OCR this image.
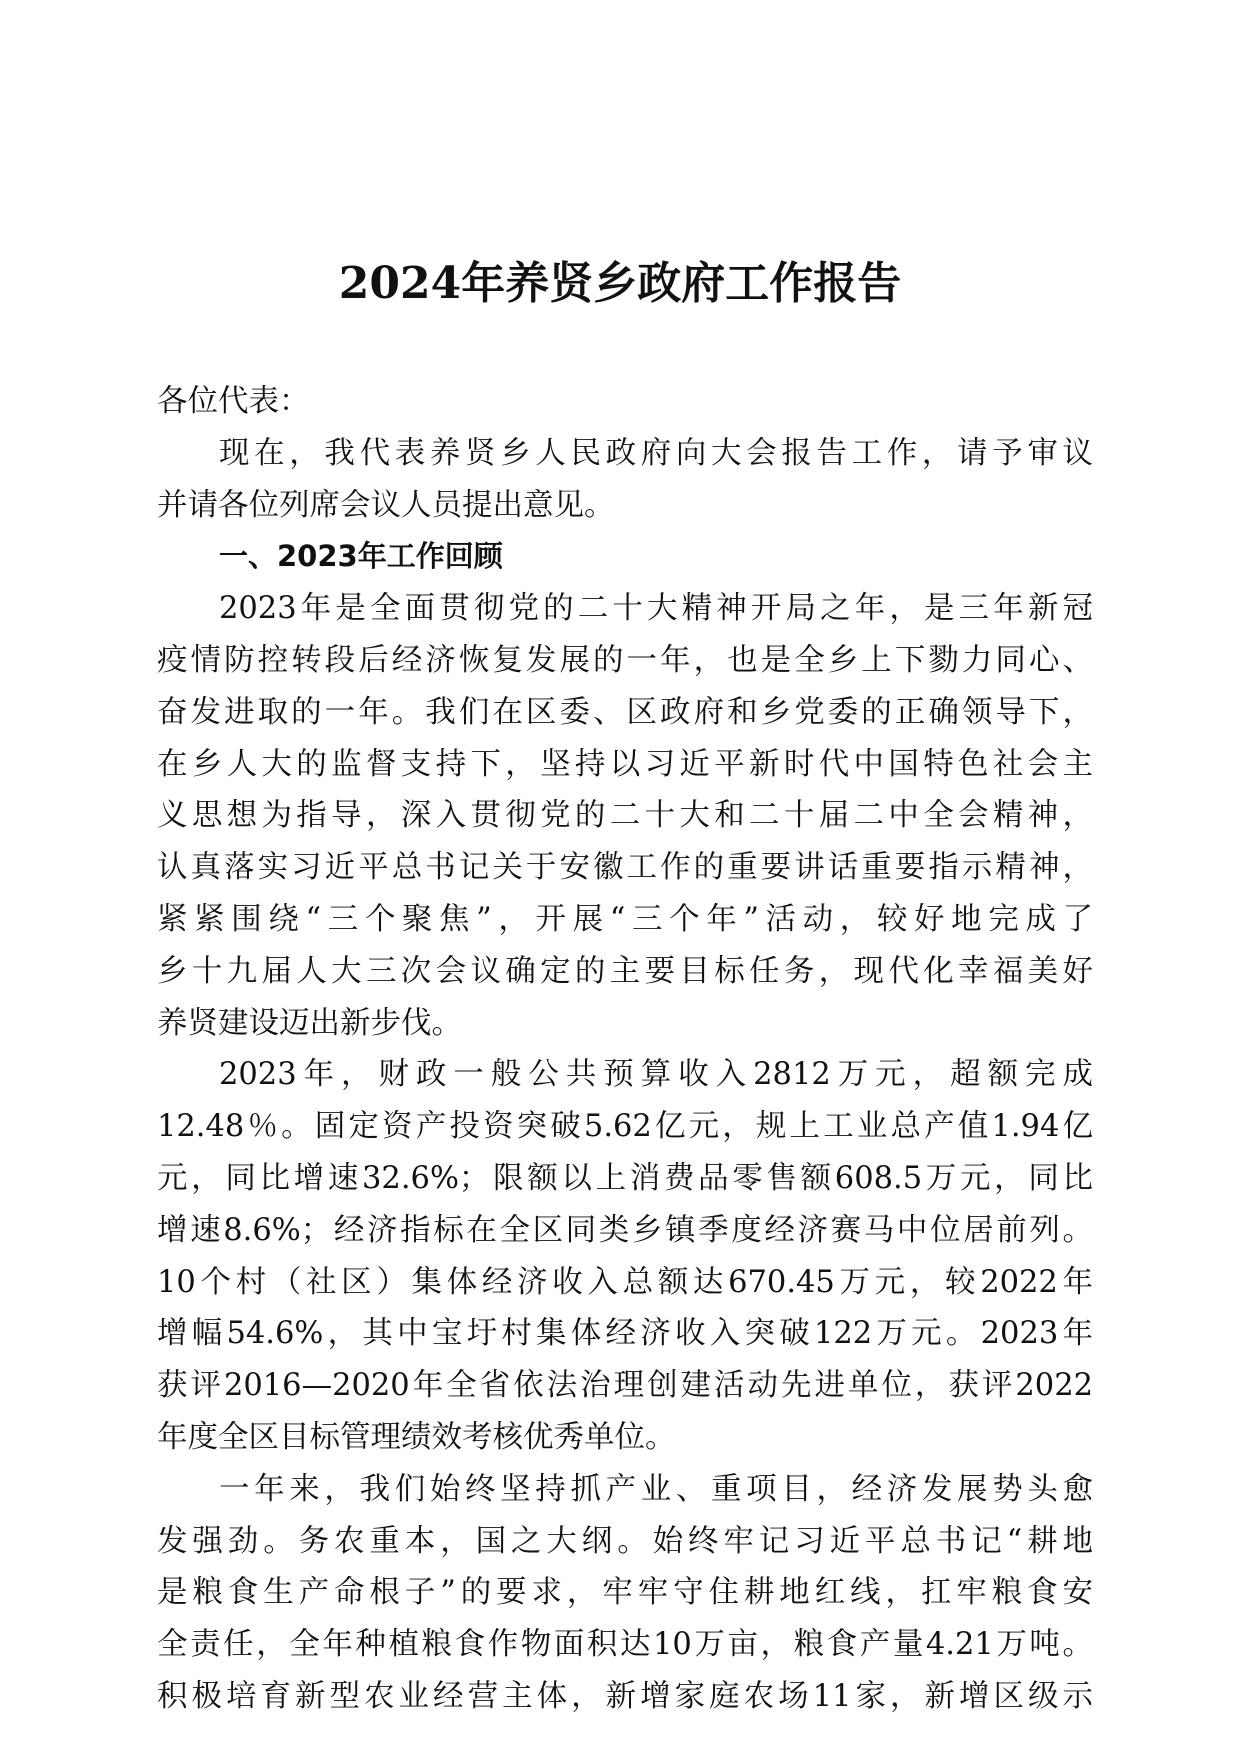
2024年养贤乡政府工作报告

各位代表：

现在，我代表养贤乡人民政府向大会报告工作，请予审议

并请各位列席会议人员提出意见。

一、2023年工作回顾

2023年是全面贯彻党的二十大精神开局之年，是三年新冠

疫情防控转段后经济恢复发展的一年，也是全乡上下勠力同心、

奋发进取的一年。我们在区委、区政府和乡党委的正确领导下，

在乡人大的监督支持下，坚持以习近平新时代中国特色社会主

义思想为指导，深入贯彻党的二十大和二十届二中全会精神，

认真落实习近平总书记关于安徽工作的重要讲话重要指示精神，

紧紧围绕“三个聚焦”，开展“三个年”活动，较好地完成了

乡十九届人大三次会议确定的主要目标任务，现代化幸福美好

养贤建设迈出新步伐。

2023年，财政一般公共预算收入2812万元，超额完成

12.48％。固定资产投资突破5.62亿元，规上工业总产值1.94亿

元，同比增速32.6%；限额以上消费品零售额608.5万元，同比

增速8.6%；经济指标在全区同类乡镇季度经济赛马中位居前列。

10个村（社区）集体经济收入总额达670.45万元，较2022年

增幅54.6%，其中宝圩村集体经济收入突破122万元。2023年

获评2016—2020年全省依法治理创建活动先进单位，获评2022

年度全区目标管理绩效考核优秀单位。

一年来，我们始终坚持抓产业、重项目，经济发展势头愈

发强劲。务农重本，国之大纲。始终牢记习近平总书记“耕地

是粮食生产命根子”的要求，牢牢守住耕地红线，扛牢粮食安

全责任，全年种植粮食作物面积达10万亩，粮食产量4.21万吨。

积极培育新型农业经营主体，新增家庭农场11家，新增区级示
